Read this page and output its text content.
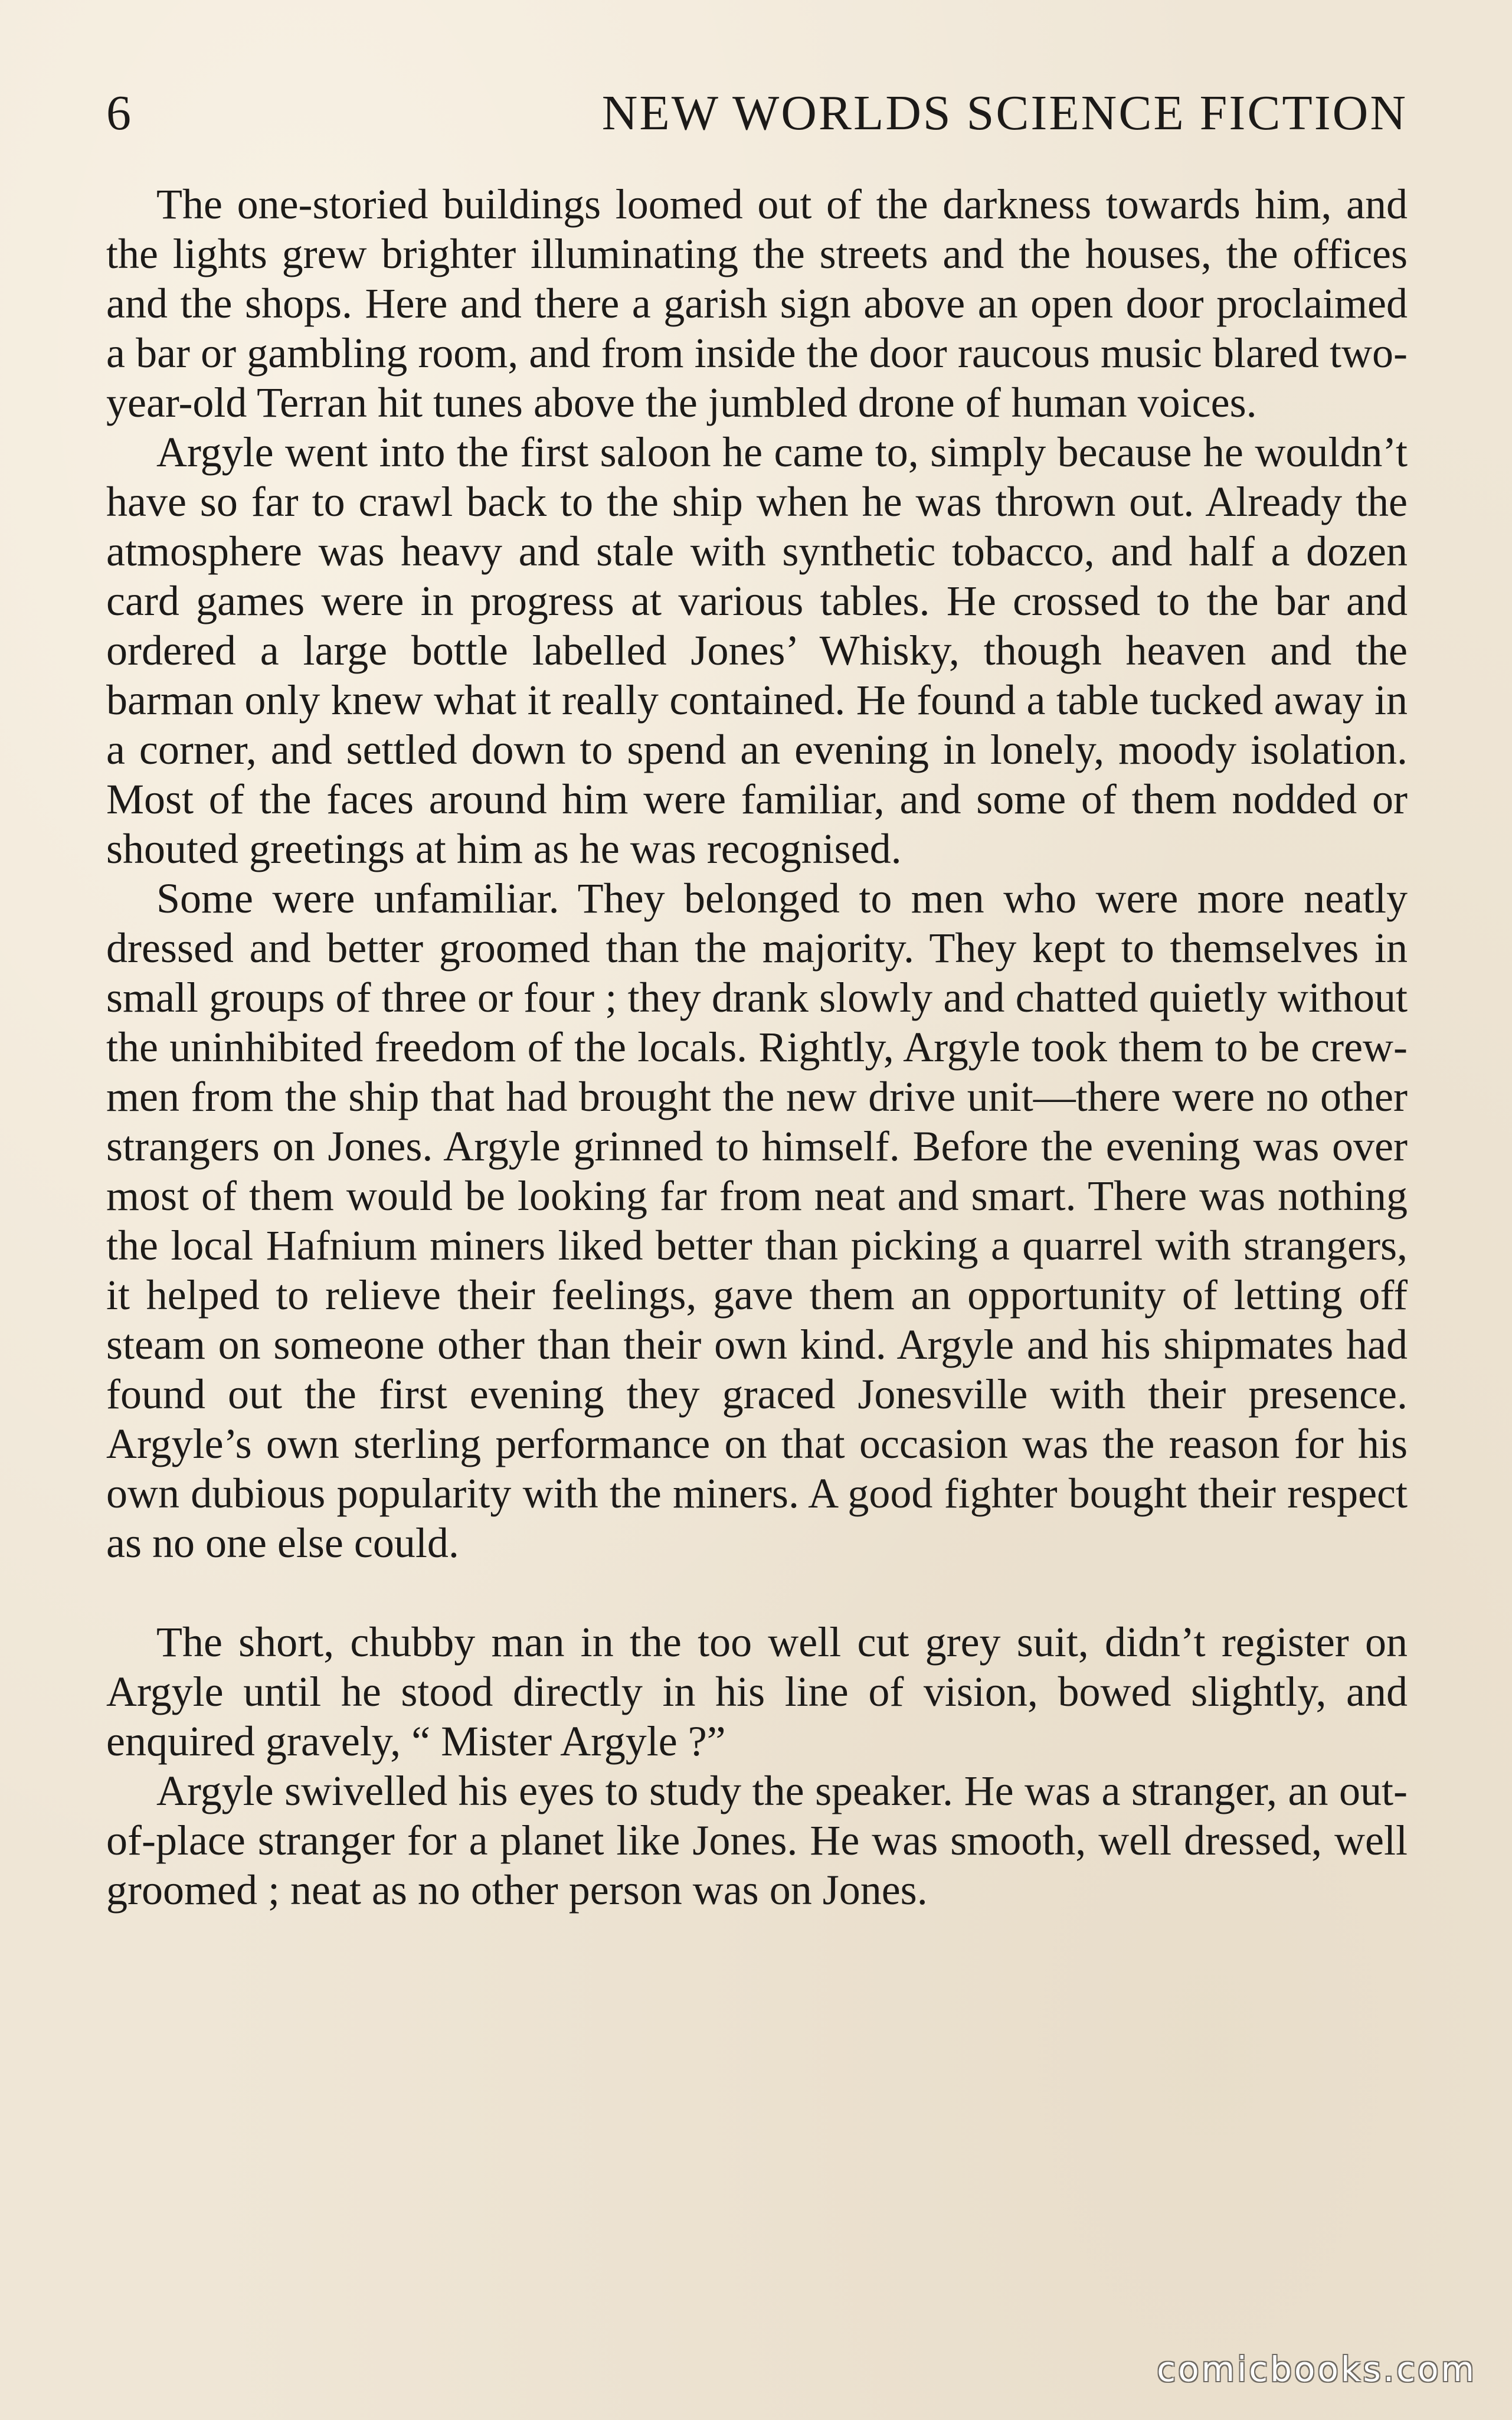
6	NEW WORLDS SCIENCE FICTION

The one-storied buildings loomed out of the darkness towards him, and the lights grew brighter illuminating the streets and the houses, the offices and the shops. Here and there a garish sign above an open door proclaimed a bar or gambling room, and from inside the door raucous music blared two-year-old Terran hit tunes above the jumbled drone of human voices.

Argyle went into the first saloon he came to, simply because he wouldn’t have so far to crawl back to the ship when he was thrown out. Already the atmosphere was heavy and stale with synthetic tobacco, and half a dozen card games were in progress at various tables. He crossed to the bar and ordered a large bottle labelled Jones’ Whisky, though heaven and the barman only knew what it really contained. He found a table tucked away in a corner, and settled down to spend an evening in lonely, moody isolation. Most of the faces around him were familiar, and some of them nodded or shouted greetings at him as he was recognised.

Some were unfamiliar. They belonged to men who were more neatly dressed and better groomed than the majority. They kept to themselves in small groups of three or four ; they drank slowly and chatted quietly without the uninhibited freedom of the locals. Rightly, Argyle took them to be crew-men from the ship that had brought the new drive unit—there were no other strangers on Jones. Argyle grinned to himself. Before the evening was over most of them would be looking far from neat and smart. There was nothing the local Hafnium miners liked better than picking a quarrel with strangers, it helped to relieve their feelings, gave them an opportunity of letting off steam on someone other than their own kind. Argyle and his shipmates had found out the first evening they graced Jonesville with their presence. Argyle’s own sterling performance on that occasion was the reason for his own dubious popularity with the miners. A good fighter bought their respect as no one else could.

The short, chubby man in the too well cut grey suit, didn’t register on Argyle until he stood directly in his line of vision, bowed slightly, and enquired gravely, “ Mister Argyle ?”

Argyle swivelled his eyes to study the speaker. He was a stranger, an out-of-place stranger for a planet like Jones. He was smooth, well dressed, well groomed ; neat as no other person was on Jones.

comicbooks.com
